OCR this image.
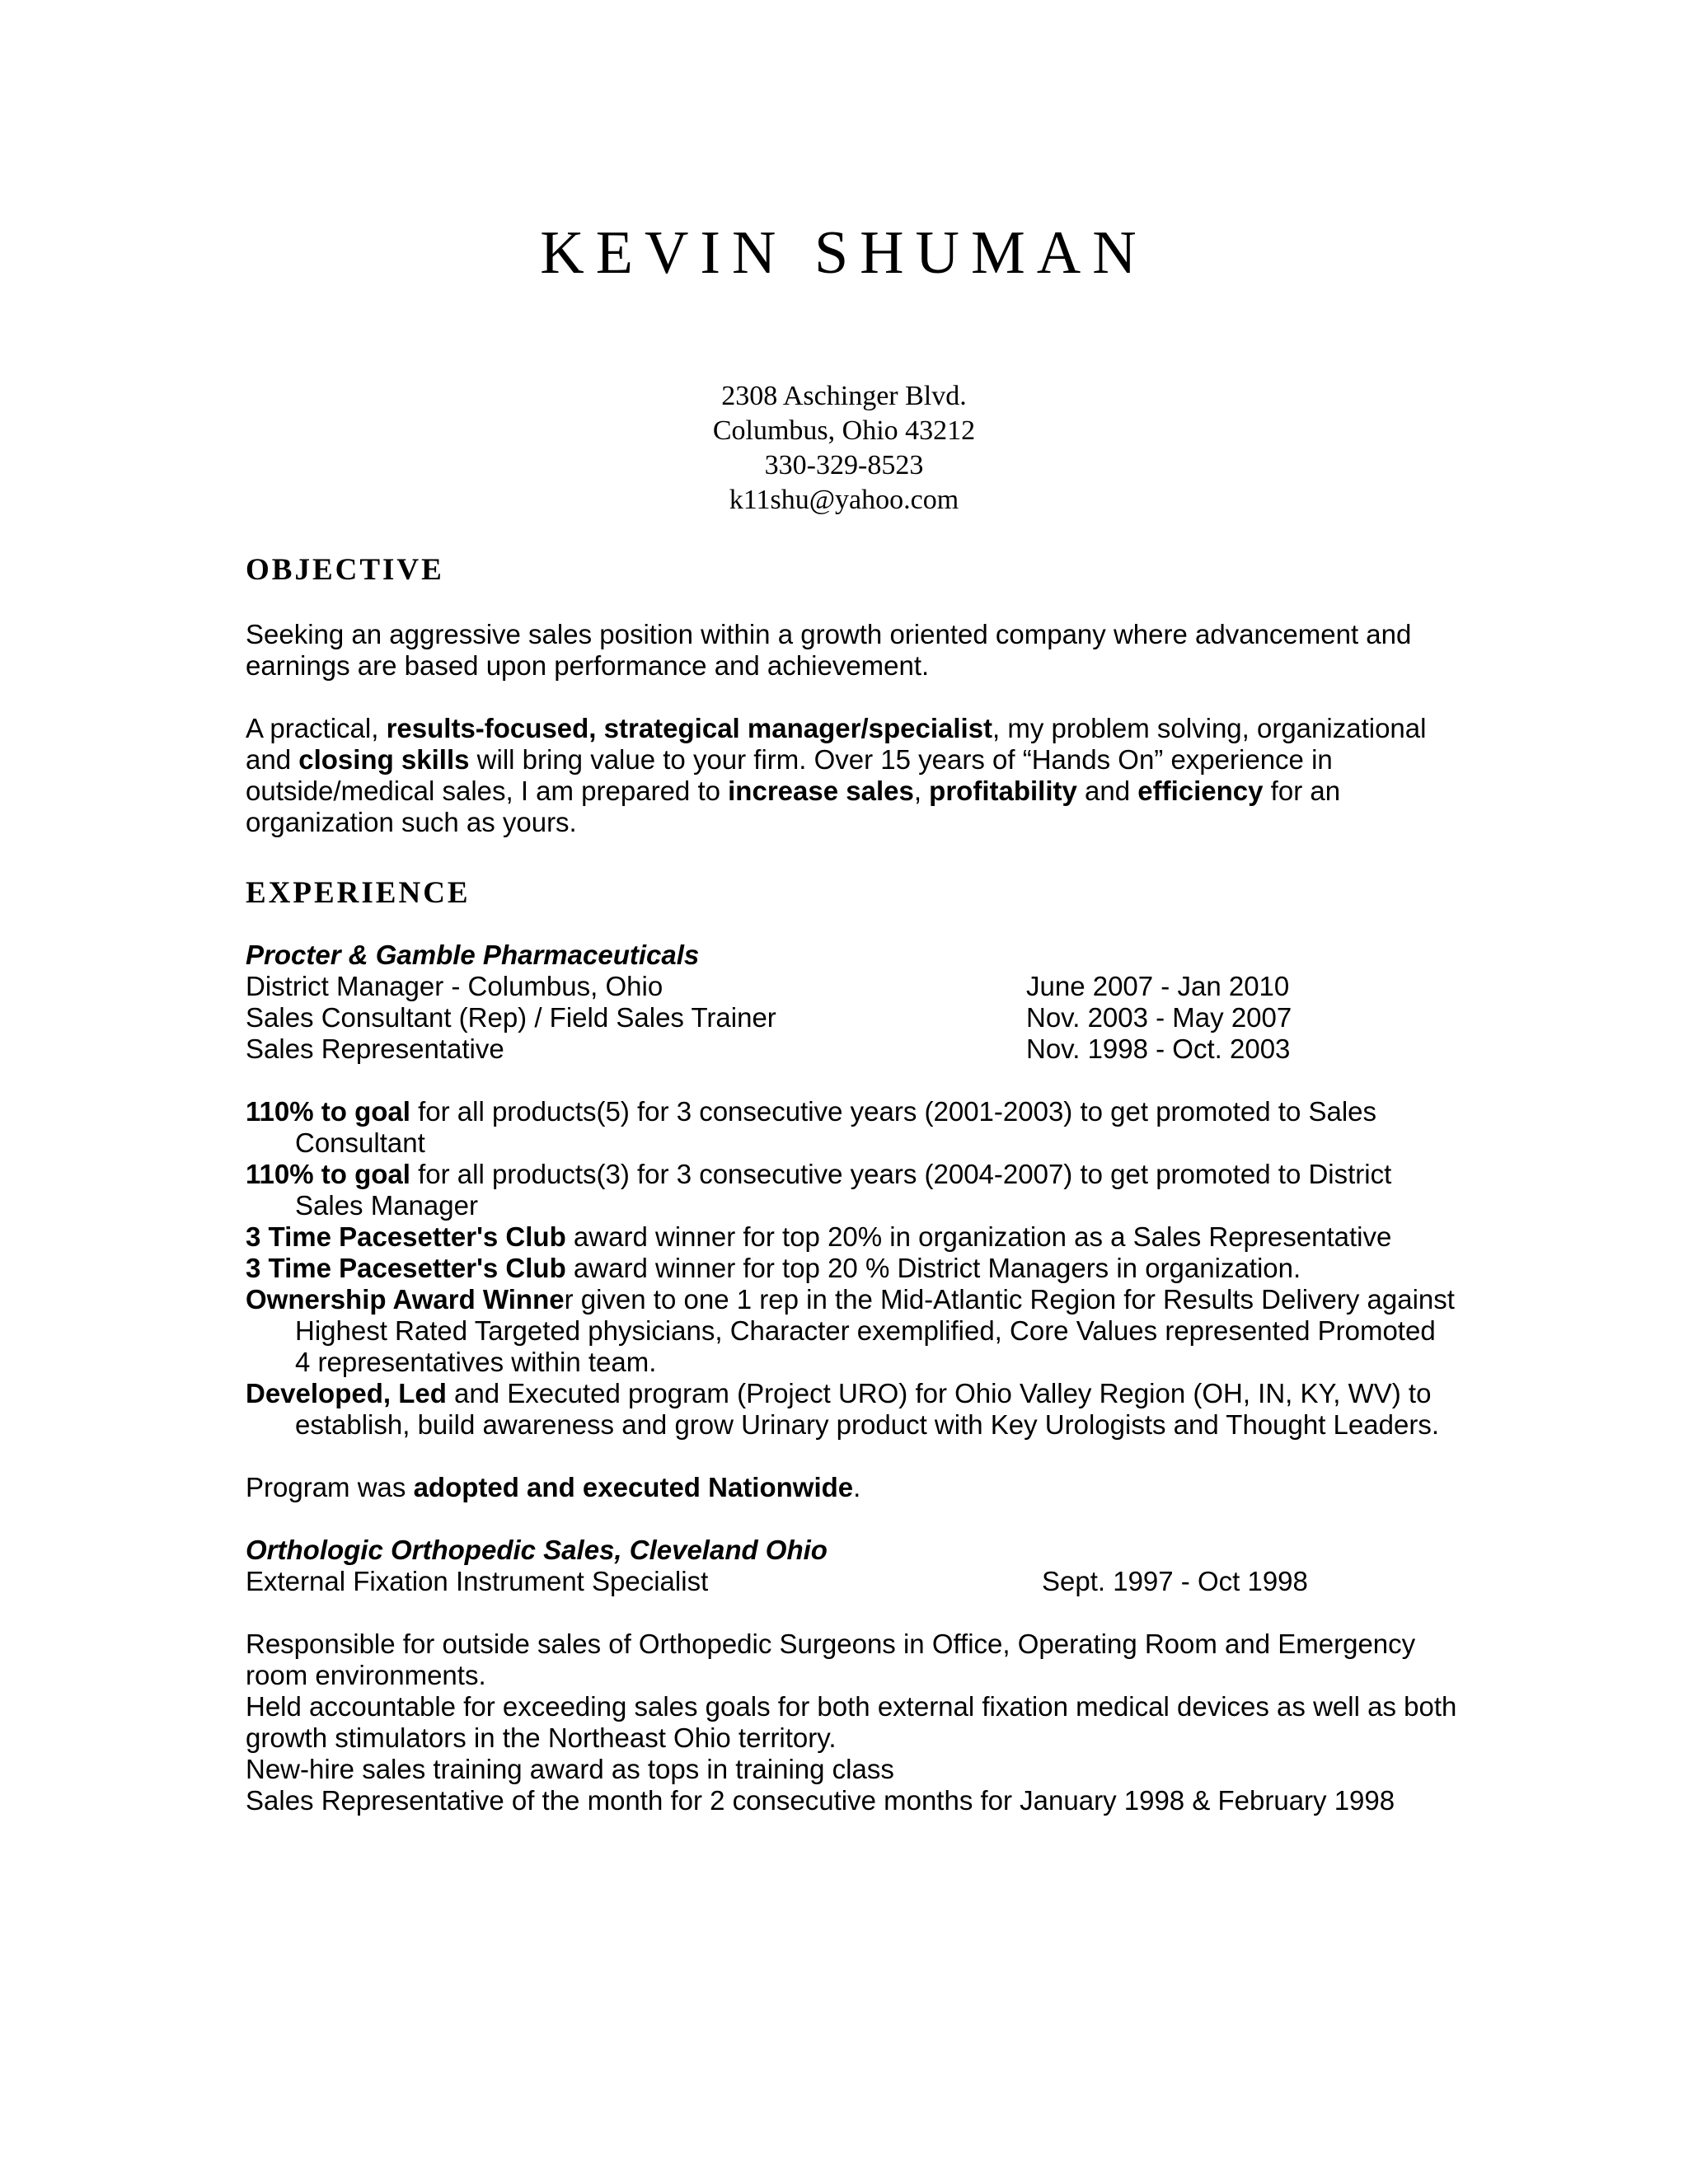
KEVIN SHUMAN
2308 Aschinger Blvd.
Columbus, Ohio 43212
330-329-8523
k11shu@yahoo.com
OBJECTIVE
Seeking an aggressive sales position within a growth oriented company where advancement and earnings are based upon performance and achievement.
A practical, results-focused, strategical manager/specialist, my problem solving, organizational and closing skills will bring value to your firm. Over 15 years of “Hands On” experience in outside/medical sales, I am prepared to increase sales, profitability and efficiency for an organization such as yours.
EXPERIENCE
Procter & Gamble Pharmaceuticals
District Manager - Columbus, Ohio	June 2007 - Jan 2010
Sales Consultant (Rep) / Field Sales Trainer	Nov. 2003 - May 2007
Sales Representative	Nov. 1998 - Oct. 2003
110% to goal for all products(5) for 3 consecutive years (2001-2003) to get promoted to Sales Consultant
110% to goal for all products(3) for 3 consecutive years (2004-2007) to get promoted to District Sales Manager
3 Time Pacesetter's Club award winner for top 20% in organization as a Sales Representative
3 Time Pacesetter's Club award winner for top 20 % District Managers in organization.
Ownership Award Winner given to one 1 rep in the Mid-Atlantic Region for Results Delivery against Highest Rated Targeted physicians, Character exemplified, Core Values represented Promoted 4 representatives within team.
Developed, Led and Executed program (Project URO) for Ohio Valley Region (OH, IN, KY, WV) to establish, build awareness and grow Urinary product with Key Urologists and Thought Leaders.
Program was adopted and executed Nationwide.
Orthologic Orthopedic Sales, Cleveland Ohio
External Fixation Instrument Specialist	Sept. 1997 - Oct 1998
Responsible for outside sales of Orthopedic Surgeons in Office, Operating Room and Emergency room environments.
Held accountable for exceeding sales goals for both external fixation medical devices as well as both growth stimulators in the Northeast Ohio territory.
New-hire sales training award as tops in training class
Sales Representative of the month for 2 consecutive months for January 1998 & February 1998
